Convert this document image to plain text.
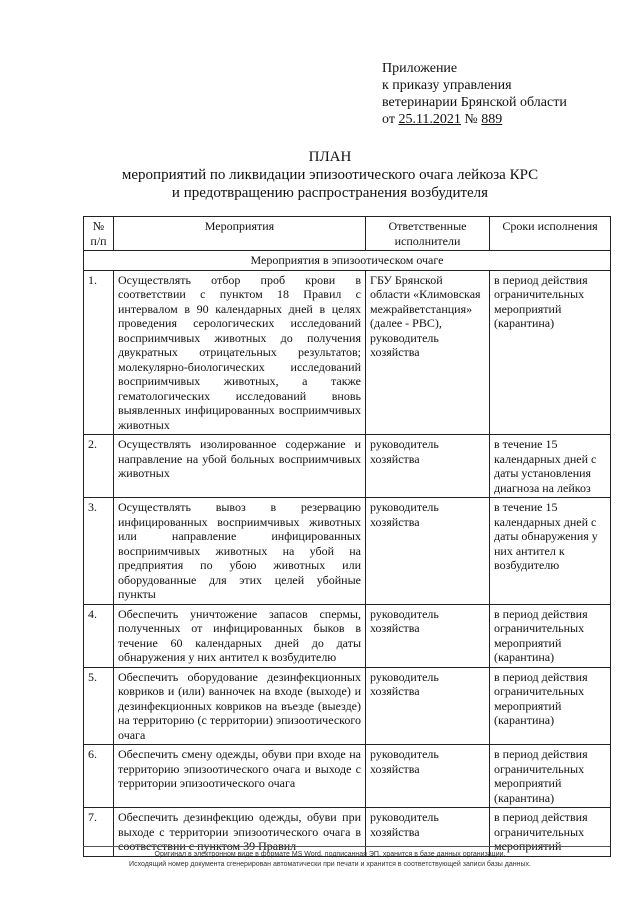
Приложение
к приказу управления
ветеринарии Брянской области
от 25.11.2021 № 889
ПЛАН
мероприятий по ликвидации эпизоотического очага лейкоза КРС
и предотвращению распространения возбудителя
№ п/п	Мероприятия	Ответственные исполнители	Сроки исполнения
Мероприятия в эпизоотическом очаге			
1.	Осуществлять отбор проб крови в соответствии с пунктом 18 Правил с интервалом в 90 календарных дней в целях проведения серологических исследований восприимчивых животных до получения двукратных отрицательных результатов; молекулярно-биологических исследований восприимчивых животных, а также гематологических исследований вновь выявленных инфицированных восприимчивых животных	ГБУ Брянской области «Климовская межрайветстанция» (далее - РВС), руководитель хозяйства	в период действия ограничительных мероприятий (карантина)
2.	Осуществлять изолированное содержание и направление на убой больных восприимчивых животных	руководитель хозяйства	в течение 15 календарных дней с даты установления диагноза на лейкоз
3.	Осуществлять вывоз в резервацию инфицированных восприимчивых животных или направление инфицированных восприимчивых животных на убой на предприятия по убою животных или оборудованные для этих целей убойные пункты	руководитель хозяйства	в течение 15 календарных дней с даты обнаружения у них антител к возбудителю
4.	Обеспечить уничтожение запасов спермы, полученных от инфицированных быков в течение 60 календарных дней до даты обнаружения у них антител к возбудителю	руководитель хозяйства	в период действия ограничительных мероприятий (карантина)
5.	Обеспечить оборудование дезинфекционных ковриков и (или) ванночек на входе (выходе) и дезинфекционных ковриков на въезде (выезде) на территорию (с территории) эпизоотического очага	руководитель хозяйства	в период действия ограничительных мероприятий (карантина)
6.	Обеспечить смену одежды, обуви при входе на территорию эпизоотического очага и выходе с территории эпизоотического очага	руководитель хозяйства	в период действия ограничительных мероприятий (карантина)
7.	Обеспечить дезинфекцию одежды, обуви при выходе с территории эпизоотического очага в соответствии с пунктом 39 Правил	руководитель хозяйства	в период действия ограничительных мероприятий
Оригинал в электронном виде в формате MS Word, подписанная ЭП, хранится в базе данных организации.
Исходящий номер документа сгенерирован автоматически при печати и хранится в соответствующей записи базы данных.
